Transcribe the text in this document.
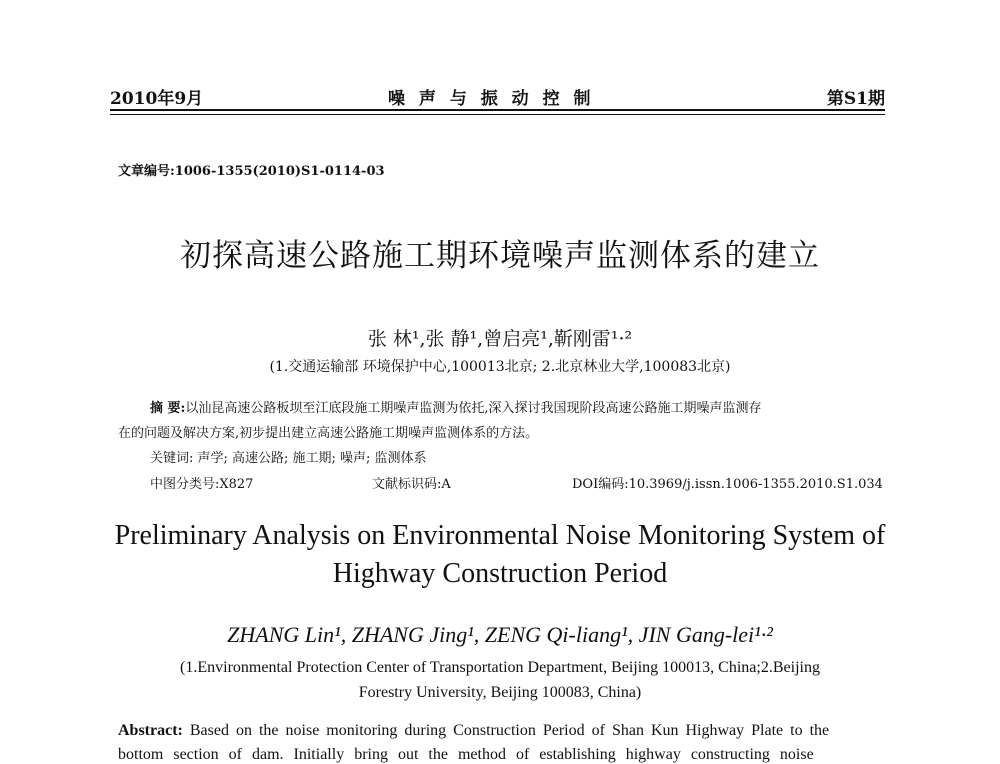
2010年9月	噪 声 与 振 动 控 制	第S1期
文章编号:1006-1355(2010)S1-0114-03
初探高速公路施工期环境噪声监测体系的建立
张 林¹,张 静¹,曾启亮¹,靳刚雷¹·²
(1.交通运输部 环境保护中心,100013北京; 2.北京林业大学,100083北京)
摘 要:以汕昆高速公路板坝至江底段施工期噪声监测为依托,深入探讨我国现阶段高速公路施工期噪声监测存
在的问题及解决方案,初步提出建立高速公路施工期噪声监测体系的方法。
关键词: 声学; 高速公路; 施工期; 噪声; 监测体系
中图分类号:X827	文献标识码:A	DOI编码:10.3969/j.issn.1006-1355.2010.S1.034
Preliminary Analysis on Environmental Noise Monitoring System of
Highway Construction Period
ZHANG Lin¹, ZHANG Jing¹, ZENG Qi-liang¹, JIN Gang-lei¹·²
(1.Environmental Protection Center of Transportation Department, Beijing 100013, China;2.Beijing
Forestry University, Beijing 100083, China)
Abstract: Based on the noise monitoring during Construction Period of Shan Kun Highway Plate to the
bottom section of dam. Initially bring out the method of establishing highway constructing noise
